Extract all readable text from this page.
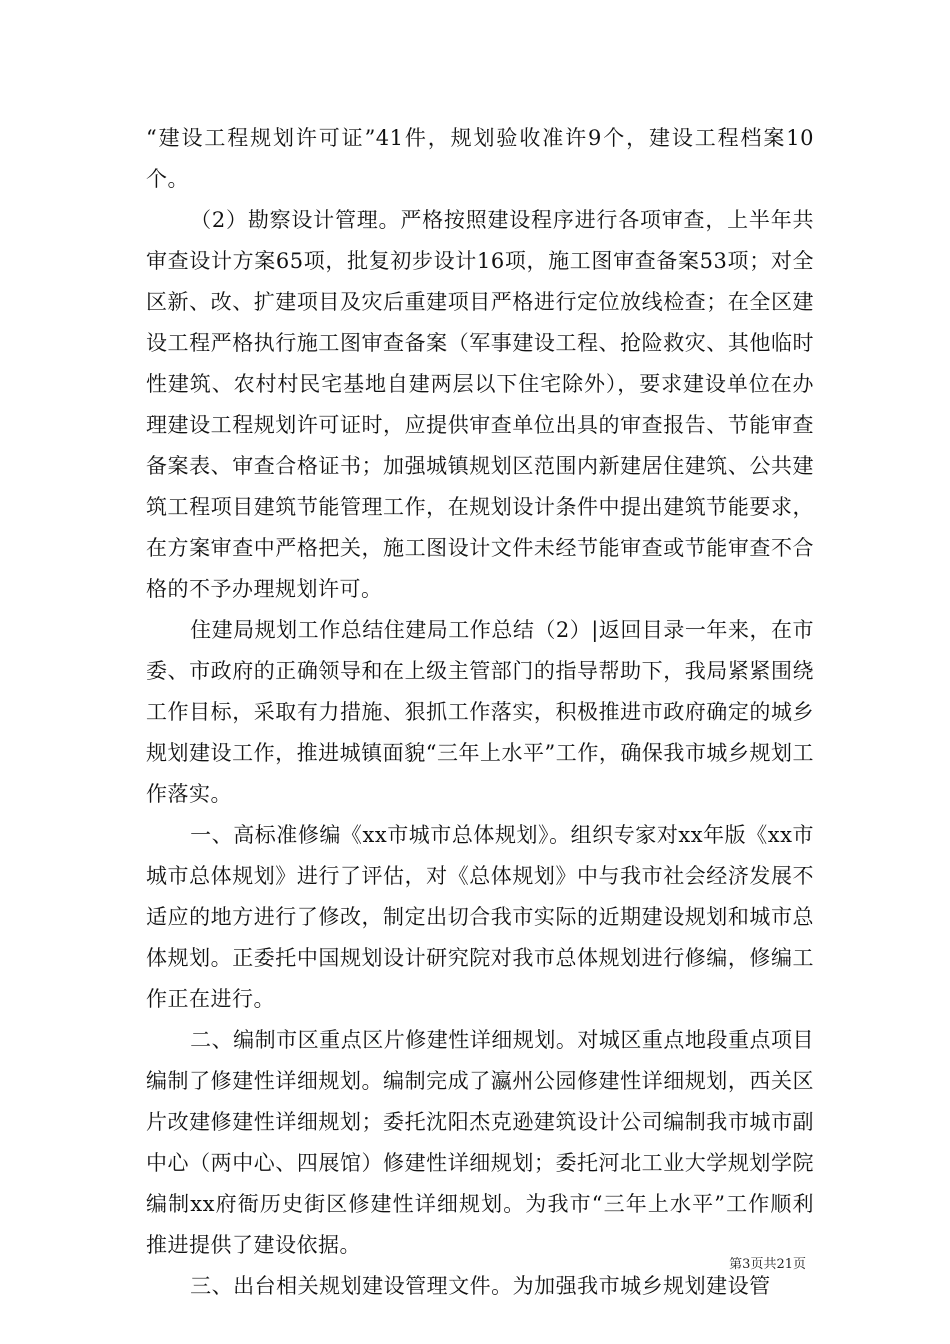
“建设工程规划许可证”41件，规划验收准许9个，建设工程档案10个。

（2）勘察设计管理。严格按照建设程序进行各项审查，上半年共审查设计方案65项，批复初步设计16项，施工图审查备案53项；对全区新、改、扩建项目及灾后重建项目严格进行定位放线检查；在全区建设工程严格执行施工图审查备案（军事建设工程、抢险救灾、其他临时性建筑、农村村民宅基地自建两层以下住宅除外），要求建设单位在办理建设工程规划许可证时，应提供审查单位出具的审查报告、节能审查备案表、审查合格证书；加强城镇规划区范围内新建居住建筑、公共建筑工程项目建筑节能管理工作，在规划设计条件中提出建筑节能要求，在方案审查中严格把关，施工图设计文件未经节能审查或节能审查不合格的不予办理规划许可。

住建局规划工作总结住建局工作总结（2）|返回目录一年来，在市委、市政府的正确领导和在上级主管部门的指导帮助下，我局紧紧围绕工作目标，采取有力措施、狠抓工作落实，积极推进市政府确定的城乡规划建设工作，推进城镇面貌“三年上水平”工作，确保我市城乡规划工作落实。

一、高标准修编《xx市城市总体规划》。组织专家对xx年版《xx市城市总体规划》进行了评估，对《总体规划》中与我市社会经济发展不适应的地方进行了修改，制定出切合我市实际的近期建设规划和城市总体规划。正委托中国规划设计研究院对我市总体规划进行修编，修编工作正在进行。

二、编制市区重点区片修建性详细规划。对城区重点地段重点项目编制了修建性详细规划。编制完成了瀛州公园修建性详细规划，西关区片改建修建性详细规划；委托沈阳杰克逊建筑设计公司编制我市城市副中心（两中心、四展馆）修建性详细规划；委托河北工业大学规划学院编制xx府衙历史街区修建性详细规划。为我市“三年上水平”工作顺利推进提供了建设依据。

三、出台相关规划建设管理文件。为加强我市城乡规划建设管

第3页共21页
